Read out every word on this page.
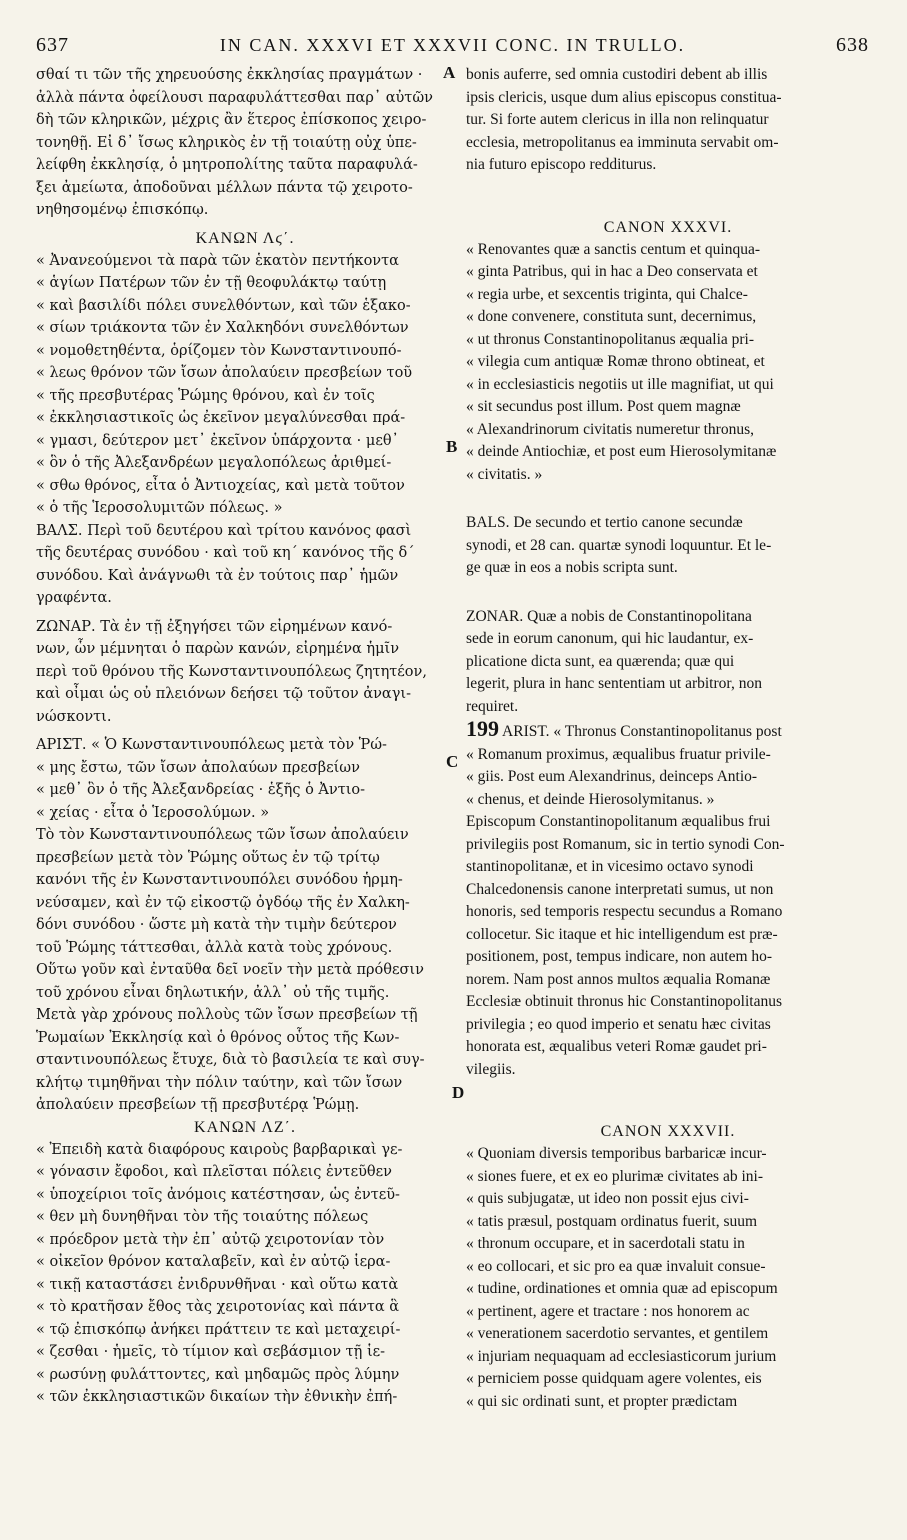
637	IN CAN. XXXVI ET XXXVII CONC. IN TRULLO.	638
A
B
C
D
σθαί τι τῶν τῆς χηρευούσης ἐκκλησίας πραγμάτων ·
ἀλλὰ πάντα ὀφείλουσι παραφυλάττεσθαι παρ᾽ αὐτῶν
δὴ τῶν κληρικῶν, μέχρις ἂν ἕτερος ἐπίσκοπος χειρο-
τονηθῇ. Εἰ δ᾽ ἴσως κληρικὸς ἐν τῇ τοιαύτῃ οὐχ ὑπε-
λείφθη ἐκκλησίᾳ, ὁ μητροπολίτης ταῦτα παραφυλά-
ξει ἀμείωτα, ἀποδοῦναι μέλλων πάντα τῷ χειροτο-
νηθησομένῳ ἐπισκόπῳ.
ΚΑΝΩΝ Λϛ΄.
« Ἀνανεούμενοι τὰ παρὰ τῶν ἑκατὸν πεντήκοντα
« ἁγίων Πατέρων τῶν ἐν τῇ θεοφυλάκτῳ ταύτῃ
« καὶ βασιλίδι πόλει συνελθόντων, καὶ τῶν ἑξακο-
« σίων τριάκοντα τῶν ἐν Χαλκηδόνι συνελθόντων
« νομοθετηθέντα, ὁρίζομεν τὸν Κωνσταντινουπό-
« λεως θρόνον τῶν ἴσων ἀπολαύειν πρεσβείων τοῦ
« τῆς πρεσβυτέρας Ῥώμης θρόνου, καὶ ἐν τοῖς
« ἐκκλησιαστικοῖς ὡς ἐκεῖνον μεγαλύνεσθαι πρά-
« γμασι, δεύτερον μετ᾽ ἐκεῖνον ὑπάρχοντα · μεθ᾽
« ὃν ὁ τῆς Ἀλεξανδρέων μεγαλοπόλεως ἀριθμεί-
« σθω θρόνος, εἶτα ὁ Ἀντιοχείας, καὶ μετὰ τοῦτον
« ὁ τῆς Ἱεροσολυμιτῶν πόλεως. »
ΒΑΛΣ. Περὶ τοῦ δευτέρου καὶ τρίτου κανόνος φασὶ
τῆς δευτέρας συνόδου · καὶ τοῦ κη΄ κανόνος τῆς δ΄
συνόδου. Καὶ ἀνάγνωθι τὰ ἐν τούτοις παρ᾽ ἡμῶν
γραφέντα.
ΖΩΝΑΡ. Τὰ ἐν τῇ ἐξηγήσει τῶν εἰρημένων κανό-
νων, ὧν μέμνηται ὁ παρὼν κανών, εἰρημένα ἡμῖν
περὶ τοῦ θρόνου τῆς Κωνσταντινουπόλεως ζητητέον,
καὶ οἶμαι ὡς οὐ πλειόνων δεήσει τῷ τοῦτον ἀναγι-
νώσκοντι.
ΑΡΙΣΤ. « Ὁ Κωνσταντινουπόλεως μετὰ τὸν Ῥώ-
« μης ἔστω, τῶν ἴσων ἀπολαύων πρεσβείων
« μεθ᾽ ὃν ὁ τῆς Ἀλεξανδρείας · ἑξῆς ὁ Ἀντιο-
« χείας · εἶτα ὁ Ἱεροσολύμων. »
Τὸ τὸν Κωνσταντινουπόλεως τῶν ἴσων ἀπολαύειν
πρεσβείων μετὰ τὸν Ῥώμης οὕτως ἐν τῷ τρίτῳ
κανόνι τῆς ἐν Κωνσταντινουπόλει συνόδου ἡρμη-
νεύσαμεν, καὶ ἐν τῷ εἰκοστῷ ὀγδόῳ τῆς ἐν Χαλκη-
δόνι συνόδου · ὥστε μὴ κατὰ τὴν τιμὴν δεύτερον
τοῦ Ῥώμης τάττεσθαι, ἀλλὰ κατὰ τοὺς χρόνους.
Οὕτω γοῦν καὶ ἐνταῦθα δεῖ νοεῖν τὴν μετὰ πρόθεσιν
τοῦ χρόνου εἶναι δηλωτικήν, ἀλλ᾽ οὐ τῆς τιμῆς.
Μετὰ γὰρ χρόνους πολλοὺς τῶν ἴσων πρεσβείων τῇ
Ῥωμαίων Ἐκκλησίᾳ καὶ ὁ θρόνος οὗτος τῆς Κων-
σταντινουπόλεως ἔτυχε, διὰ τὸ βασιλεία τε καὶ συγ-
κλήτῳ τιμηθῆναι τὴν πόλιν ταύτην, καὶ τῶν ἴσων
ἀπολαύειν πρεσβείων τῇ πρεσβυτέρᾳ Ῥώμῃ.
ΚΑΝΩΝ ΛΖ΄.
« Ἐπειδὴ κατὰ διαφόρους καιροὺς βαρβαρικαὶ γε-
« γόνασιν ἔφοδοι, καὶ πλεῖσται πόλεις ἐντεῦθεν
« ὑποχείριοι τοῖς ἀνόμοις κατέστησαν, ὡς ἐντεῦ-
« θεν μὴ δυνηθῆναι τὸν τῆς τοιαύτης πόλεως
« πρόεδρον μετὰ τὴν ἐπ᾽ αὐτῷ χειροτονίαν τὸν
« οἰκεῖον θρόνον καταλαβεῖν, καὶ ἐν αὐτῷ ἱερα-
« τικῇ καταστάσει ἐνιδρυνθῆναι · καὶ οὕτω κατὰ
« τὸ κρατῆσαν ἔθος τὰς χειροτονίας καὶ πάντα ἃ
« τῷ ἐπισκόπῳ ἀνήκει πράττειν τε καὶ μεταχειρί-
« ζεσθαι · ἡμεῖς, τὸ τίμιον καὶ σεβάσμιον τῇ ἱε-
« ρωσύνῃ φυλάττοντες, καὶ μηδαμῶς πρὸς λύμην
« τῶν ἐκκλησιαστικῶν δικαίων τὴν ἐθνικὴν ἐπή-
bonis auferre, sed omnia custodiri debent ab illis
ipsis clericis, usque dum alius episcopus constitua-
tur. Si forte autem clericus in illa non relinquatur
ecclesia, metropolitanus ea imminuta servabit om-
nia futuro episcopo redditurus.
CANON XXXVI.
« Renovantes quæ a sanctis centum et quinqua-
« ginta Patribus, qui in hac a Deo conservata et
« regia urbe, et sexcentis triginta, qui Chalce-
« done convenere, constituta sunt, decernimus,
« ut thronus Constantinopolitanus æqualia pri-
« vilegia cum antiquæ Romæ throno obtineat, et
« in ecclesiasticis negotiis ut ille magnifiat, ut qui
« sit secundus post illum. Post quem magnæ
« Alexandrinorum civitatis numeretur thronus,
« deinde Antiochiæ, et post eum Hierosolymitanæ
« civitatis. »
BALS. De secundo et tertio canone secundæ
synodi, et 28 can. quartæ synodi loquuntur. Et le-
ge quæ in eos a nobis scripta sunt.
ZONAR. Quæ a nobis de Constantinopolitana
sede in eorum canonum, qui hic laudantur, ex-
plicatione dicta sunt, ea quærenda; quæ qui
legerit, plura in hanc sententiam ut arbitror, non
requiret.
199 ARIST. « Thronus Constantinopolitanus post
« Romanum proximus, æqualibus fruatur privile-
« giis. Post eum Alexandrinus, deinceps Antio-
« chenus, et deinde Hierosolymitanus. »
Episcopum Constantinopolitanum æqualibus frui
privilegiis post Romanum, sic in tertio synodi Con-
stantinopolitanæ, et in vicesimo octavo synodi
Chalcedonensis canone interpretati sumus, ut non
honoris, sed temporis respectu secundus a Romano
collocetur. Sic itaque et hic intelligendum est præ-
positionem, post, tempus indicare, non autem ho-
norem. Nam post annos multos æqualia Romanæ
Ecclesiæ obtinuit thronus hic Constantinopolitanus
privilegia ; eo quod imperio et senatu hæc civitas
honorata est, æqualibus veteri Romæ gaudet pri-
vilegiis.
CANON XXXVII.
« Quoniam diversis temporibus barbaricæ incur-
« siones fuere, et ex eo plurimæ civitates ab ini-
« quis subjugatæ, ut ideo non possit ejus civi-
« tatis præsul, postquam ordinatus fuerit, suum
« thronum occupare, et in sacerdotali statu in
« eo collocari, et sic pro ea quæ invaluit consue-
« tudine, ordinationes et omnia quæ ad episcopum
« pertinent, agere et tractare : nos honorem ac
« venerationem sacerdotio servantes, et gentilem
« injuriam nequaquam ad ecclesiasticorum jurium
« perniciem posse quidquam agere volentes, eis
« qui sic ordinati sunt, et propter prædictam
